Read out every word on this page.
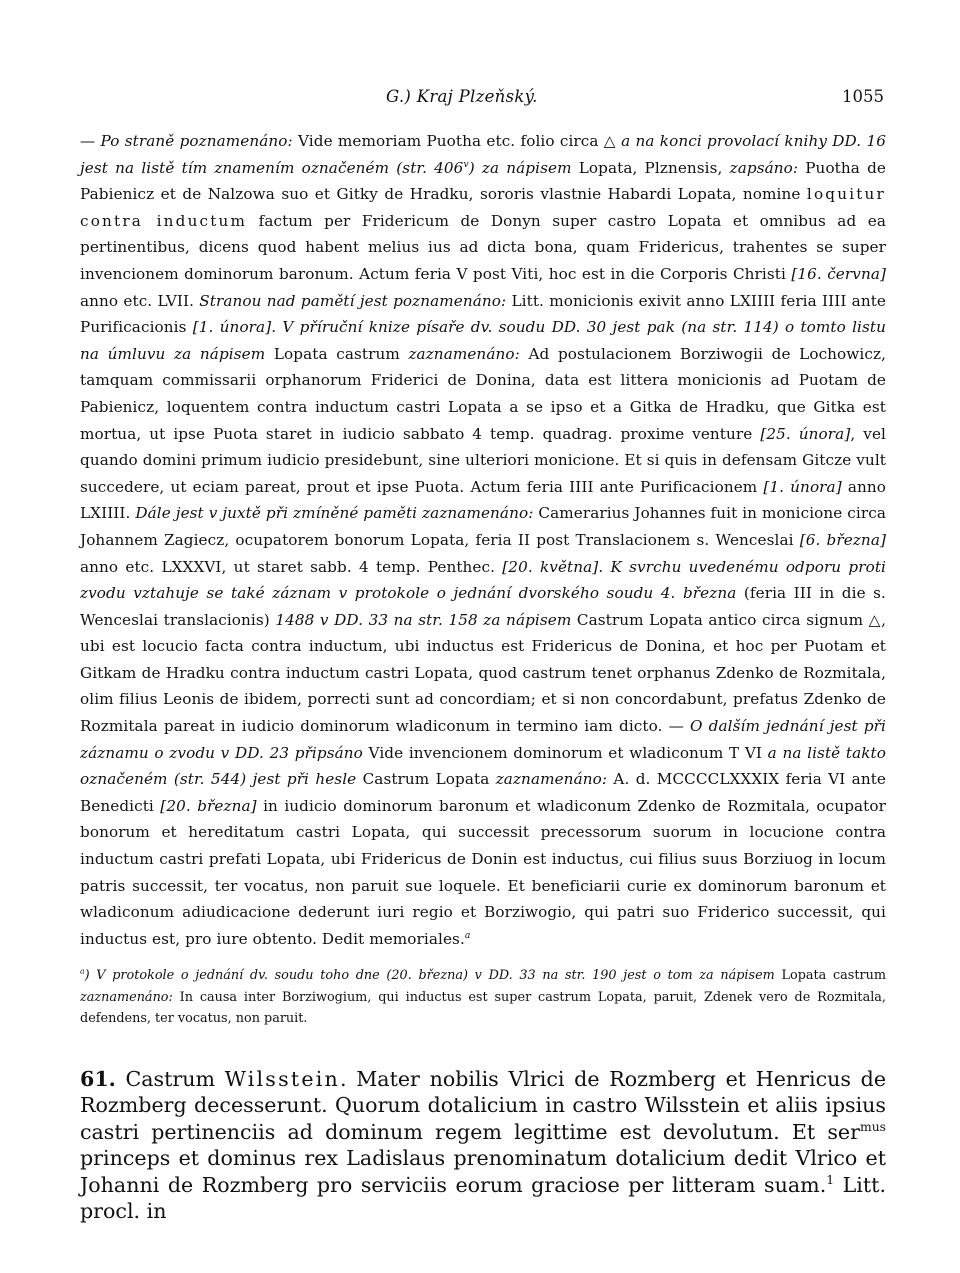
G.) Kraj Plzeňský.	1055

— Po straně poznamenáno: Vide memoriam Puotha etc. folio circa △ a na konci provolací knihy DD. 16 jest na listě tím znamením označeném (str. 406$^v$) za nápisem Lopata, Plznensis, zapsáno: Puotha de Pabienicz et de Nalzowa suo et Gitky de Hradku, sororis vlastnie Habardi Lopata, nomine loquitur contra inductum factum per Fridericum de Donyn super castro Lopata et omnibus ad ea pertinentibus, dicens quod habent melius ius ad dicta bona, quam Fridericus, trahentes se super invencionem dominorum baronum. Actum feria V post Viti, hoc est in die Corporis Christi [16. června] anno etc. LVII. Stranou nad pamětí jest poznamenáno: Litt. monicionis exivit anno LXIIII feria IIII ante Purificacionis [1. února]. V příruční knize písaře dv. soudu DD. 30 jest pak (na str. 114) o tomto listu na úmluvu za nápisem Lopata castrum zaznamenáno: Ad postulacionem Borziwogii de Lochowicz, tamquam commissarii orphanorum Friderici de Donina, data est littera monicionis ad Puotam de Pabienicz, loquentem contra inductum castri Lopata a se ipso et a Gitka de Hradku, que Gitka est mortua, ut ipse Puota staret in iudicio sabbato 4 temp. quadrag. proxime venture [25. února], vel quando domini primum iudicio presidebunt, sine ulteriori monicione. Et si quis in defensam Gitcze vult succedere, ut eciam pareat, prout et ipse Puota. Actum feria IIII ante Purificacionem [1. února] anno LXIIII. Dále jest v juxtě při zmíněné paměti zaznamenáno: Camerarius Johannes fuit in monicione circa Johannem Zagiecz, ocupatorem bonorum Lopata, feria II post Translacionem s. Wenceslai [6. března] anno etc. LXXXVI, ut staret sabb. 4 temp. Penthec. [20. května]. K svrchu uvedenému odporu proti zvodu vztahuje se také záznam v protokole o jednání dvorského soudu 4. března (feria III in die s. Wenceslai translacionis) 1488 v DD. 33 na str. 158 za nápisem Castrum Lopata antico circa signum △, ubi est locucio facta contra inductum, ubi inductus est Fridericus de Donina, et hoc per Puotam et Gitkam de Hradku contra inductum castri Lopata, quod castrum tenet orphanus Zdenko de Rozmitala, olim filius Leonis de ibidem, porrecti sunt ad concordiam; et si non concordabunt, prefatus Zdenko de Rozmitala pareat in iudicio dominorum wladiconum in termino iam dicto. — O dalším jednání jest při záznamu o zvodu v DD. 23 připsáno Vide invencionem dominorum et wladiconum T VI a na listě takto označeném (str. 544) jest při hesle Castrum Lopata zaznamenáno: A. d. MCCCCLXXXIX feria VI ante Benedicti [20. března] in iudicio dominorum baronum et wladiconum Zdenko de Rozmitala, ocupator bonorum et hereditatum castri Lopata, qui successit precessorum suorum in locucione contra inductum castri prefati Lopata, ubi Fridericus de Donin est inductus, cui filius suus Borziuog in locum patris successit, ter vocatus, non paruit sue loquele. Et beneficiarii curie ex dominorum baronum et wladiconum adiudicacione dederunt iuri regio et Borziwogio, qui patri suo Friderico successit, qui inductus est, pro iure obtento. Dedit memoriales.$^a$

$^a$) V protokole o jednání dv. soudu toho dne (20. března) v DD. 33 na str. 190 jest o tom za nápisem Lopata castrum zaznamenáno: In causa inter Borziwogium, qui inductus est super castrum Lopata, paruit, Zdenek vero de Rozmitala, defendens, ter vocatus, non paruit.

61. Castrum Wilsstein. Mater nobilis Vlrici de Rozmberg et Henricus de Rozmberg decesserunt. Quorum dotalicium in castro Wilsstein et aliis ipsius castri pertinenciis ad dominum regem legittime est devolutum. Et ser$^{mus}$ princeps et dominus rex Ladislaus prenominatum dotalicium dedit Vlrico et Johanni de Rozmberg pro serviciis eorum graciose per litteram suam.$^1$ Litt. procl. in
